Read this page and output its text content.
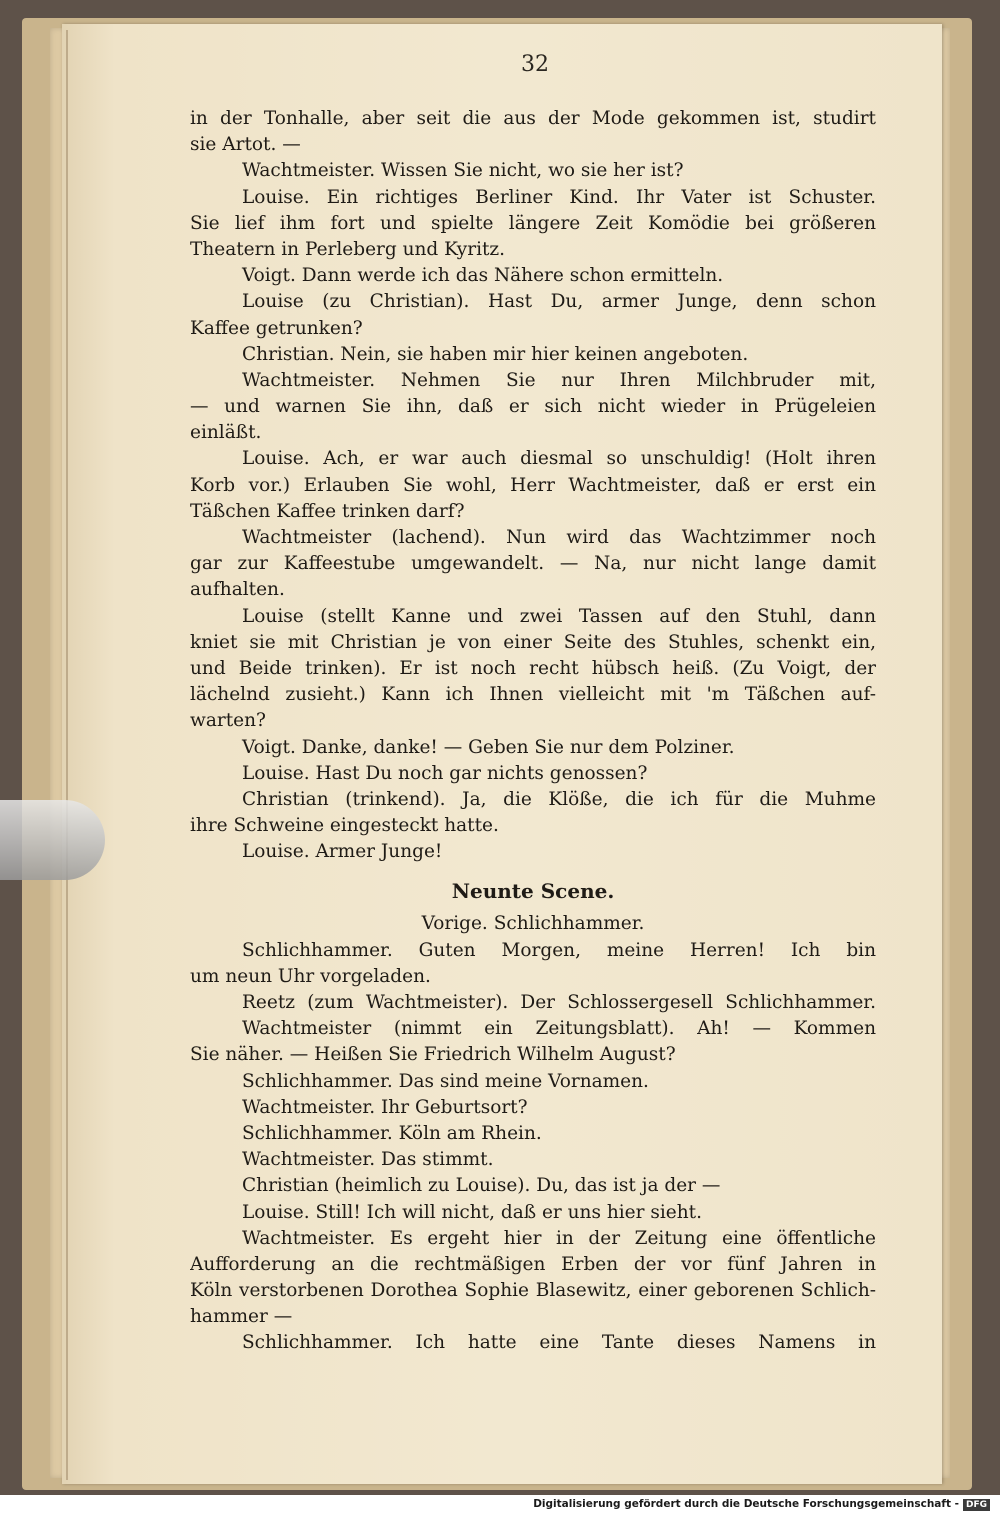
32
in der Tonhalle, aber seit die aus der Mode gekommen ist, studirt
sie Artot. —
Wachtmeister. Wissen Sie nicht, wo sie her ist?
Louise. Ein richtiges Berliner Kind. Ihr Vater ist Schuster.
Sie lief ihm fort und spielte längere Zeit Komödie bei größeren
Theatern in Perleberg und Kyritz.
Voigt. Dann werde ich das Nähere schon ermitteln.
Louise (zu Christian). Hast Du, armer Junge, denn schon
Kaffee getrunken?
Christian. Nein, sie haben mir hier keinen angeboten.
Wachtmeister. Nehmen Sie nur Ihren Milchbruder mit,
— und warnen Sie ihn, daß er sich nicht wieder in Prügeleien
einläßt.
Louise. Ach, er war auch diesmal so unschuldig! (Holt ihren
Korb vor.) Erlauben Sie wohl, Herr Wachtmeister, daß er erst ein
Täßchen Kaffee trinken darf?
Wachtmeister (lachend). Nun wird das Wachtzimmer noch
gar zur Kaffeestube umgewandelt. — Na, nur nicht lange damit
aufhalten.
Louise (stellt Kanne und zwei Tassen auf den Stuhl, dann
kniet sie mit Christian je von einer Seite des Stuhles, schenkt ein,
und Beide trinken). Er ist noch recht hübsch heiß. (Zu Voigt, der
lächelnd zusieht.) Kann ich Ihnen vielleicht mit 'm Täßchen auf-
warten?
Voigt. Danke, danke! — Geben Sie nur dem Polziner.
Louise. Hast Du noch gar nichts genossen?
Christian (trinkend). Ja, die Klöße, die ich für die Muhme
ihre Schweine eingesteckt hatte.
Louise. Armer Junge!
Neunte Scene.
Vorige. Schlichhammer.
Schlichhammer. Guten Morgen, meine Herren! Ich bin
um neun Uhr vorgeladen.
Reetz (zum Wachtmeister). Der Schlossergesell Schlichhammer.
Wachtmeister (nimmt ein Zeitungsblatt). Ah! — Kommen
Sie näher. — Heißen Sie Friedrich Wilhelm August?
Schlichhammer. Das sind meine Vornamen.
Wachtmeister. Ihr Geburtsort?
Schlichhammer. Köln am Rhein.
Wachtmeister. Das stimmt.
Christian (heimlich zu Louise). Du, das ist ja der —
Louise. Still! Ich will nicht, daß er uns hier sieht.
Wachtmeister. Es ergeht hier in der Zeitung eine öffentliche
Aufforderung an die rechtmäßigen Erben der vor fünf Jahren in
Köln verstorbenen Dorothea Sophie Blasewitz, einer geborenen Schlich-
hammer —
Schlichhammer. Ich hatte eine Tante dieses Namens in
Digitalisierung gefördert durch die Deutsche Forschungsgemeinschaft - DFG
